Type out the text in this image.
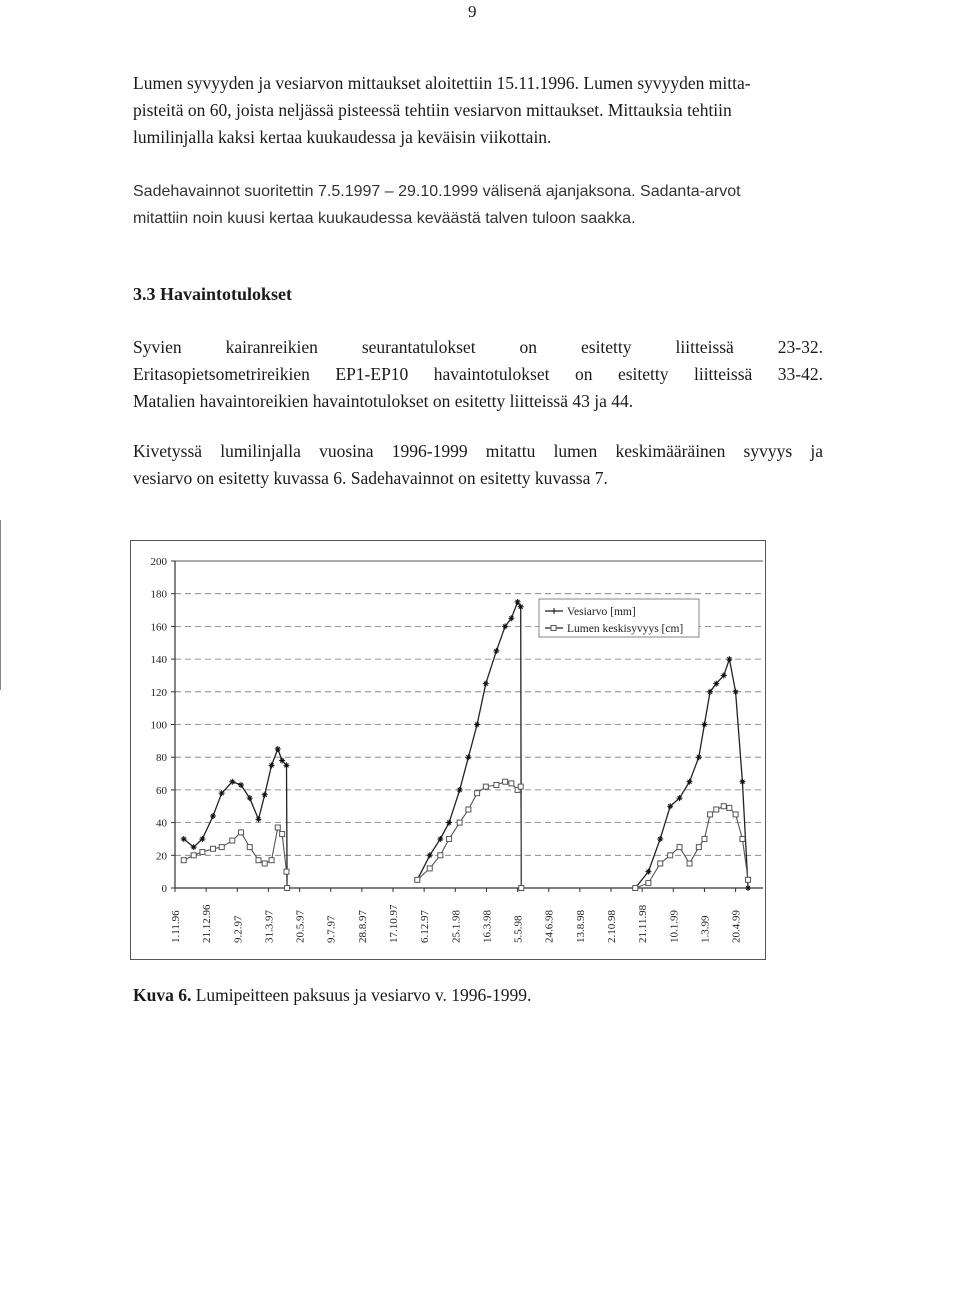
9

Lumen syvyyden ja vesiarvon mittaukset aloitettiin 15.11.1996. Lumen syvyyden mitta-
pisteitä on 60, joista neljässä pisteessä tehtiin vesiarvon mittaukset. Mittauksia tehtiin
lumilinjalla kaksi kertaa kuukaudessa ja keväisin viikottain.

Sadehavainnot suoritettin 7.5.1997 – 29.10.1999 välisenä ajanjaksona. Sadanta-arvot
mitattiin noin kuusi kertaa kuukaudessa keväästä talven tuloon saakka.

3.3 Havaintotulokset

Syvien kairanreikien seurantatulokset on esitetty liitteissä 23-32.
Eritasopietsometrireikien EP1-EP10 havaintotulokset on esitetty liitteissä 33-42.
Matalien havaintoreikien havaintotulokset on esitetty liitteissä 43 ja 44.

Kivetyssä lumilinjalla vuosina 1996-1999 mitattu lumen keskimääräinen syvyys ja
vesiarvo on esitetty kuvassa 6. Sadehavainnot on esitetty kuvassa 7.

0
20
40
60
80
100
120
140
160
180
200
1.11.96 21.12.96 9.2.97 31.3.97 20.5.97 9.7.97 28.8.97 17.10.97 6.12.97 25.1.98 16.3.98 5.5.98 24.6.98 13.8.98 2.10.98 21.11.98 10.1.99 1.3.99 20.4.99
Vesiarvo [mm]
Lumen keskisyvyys [cm]

Kuva 6. Lumipeitteen paksuus ja vesiarvo v. 1996-1999.
